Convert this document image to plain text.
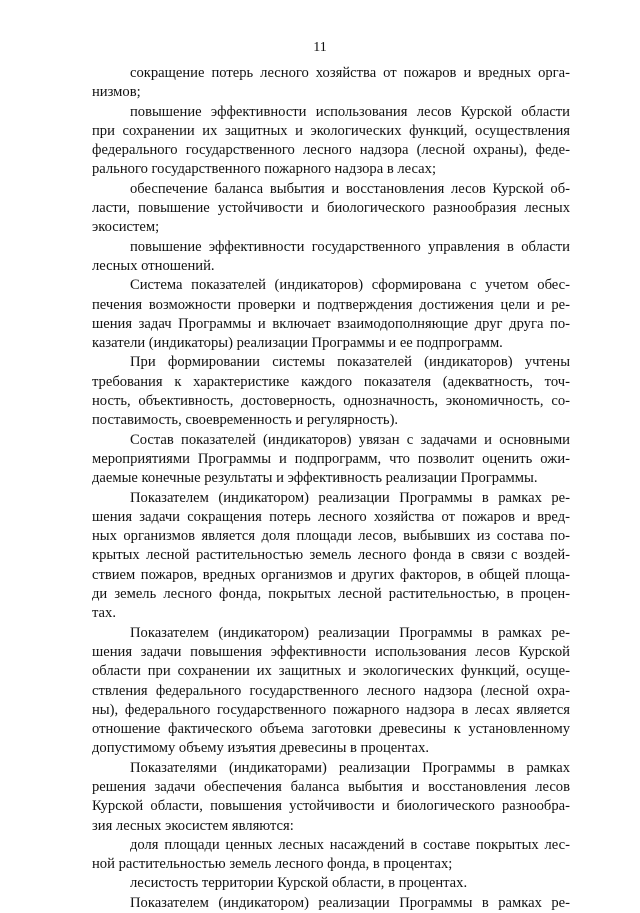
11
сокращение потерь лесного хозяйства от пожаров и вредных орга-
низмов;
повышение эффективности использования лесов Курской области
при сохранении их защитных и экологических функций, осуществления
федерального государственного лесного надзора (лесной охраны), феде-
рального государственного пожарного надзора в лесах;
обеспечение баланса выбытия и восстановления лесов Курской об-
ласти, повышение устойчивости и биологического разнообразия лесных
экосистем;
повышение эффективности государственного управления в области
лесных отношений.
Система показателей (индикаторов) сформирована с учетом обес-
печения возможности проверки и подтверждения достижения цели и ре-
шения задач Программы и включает взаимодополняющие друг друга по-
казатели (индикаторы) реализации Программы и ее подпрограмм.
При формировании системы показателей (индикаторов) учтены
требования к характеристике каждого показателя (адекватность, точ-
ность, объективность, достоверность, однозначность, экономичность, со-
поставимость, своевременность и регулярность).
Состав показателей (индикаторов) увязан с задачами и основными
мероприятиями Программы и подпрограмм, что позволит оценить ожи-
даемые конечные результаты и эффективность реализации Программы.
Показателем (индикатором) реализации Программы в рамках ре-
шения задачи сокращения потерь лесного хозяйства от пожаров и вред-
ных организмов является доля площади лесов, выбывших из состава по-
крытых лесной растительностью земель лесного фонда в связи с воздей-
ствием пожаров, вредных организмов и других факторов, в общей площа-
ди земель лесного фонда, покрытых лесной растительностью, в процен-
тах.
Показателем (индикатором) реализации Программы в рамках ре-
шения задачи повышения эффективности использования лесов Курской
области при сохранении их защитных и экологических функций, осуще-
ствления федерального государственного лесного надзора (лесной охра-
ны), федерального государственного пожарного надзора в лесах является
отношение фактического объема заготовки древесины к установленному
допустимому объему изъятия древесины в процентах.
Показателями (индикаторами) реализации Программы в рамках
решения задачи обеспечения баланса выбытия и восстановления лесов
Курской области, повышения устойчивости и биологического разнообра-
зия лесных экосистем являются:
доля площади ценных лесных насаждений в составе покрытых лес-
ной растительностью земель лесного фонда, в процентах;
лесистость территории Курской области, в процентах.
Показателем (индикатором) реализации Программы в рамках ре-
